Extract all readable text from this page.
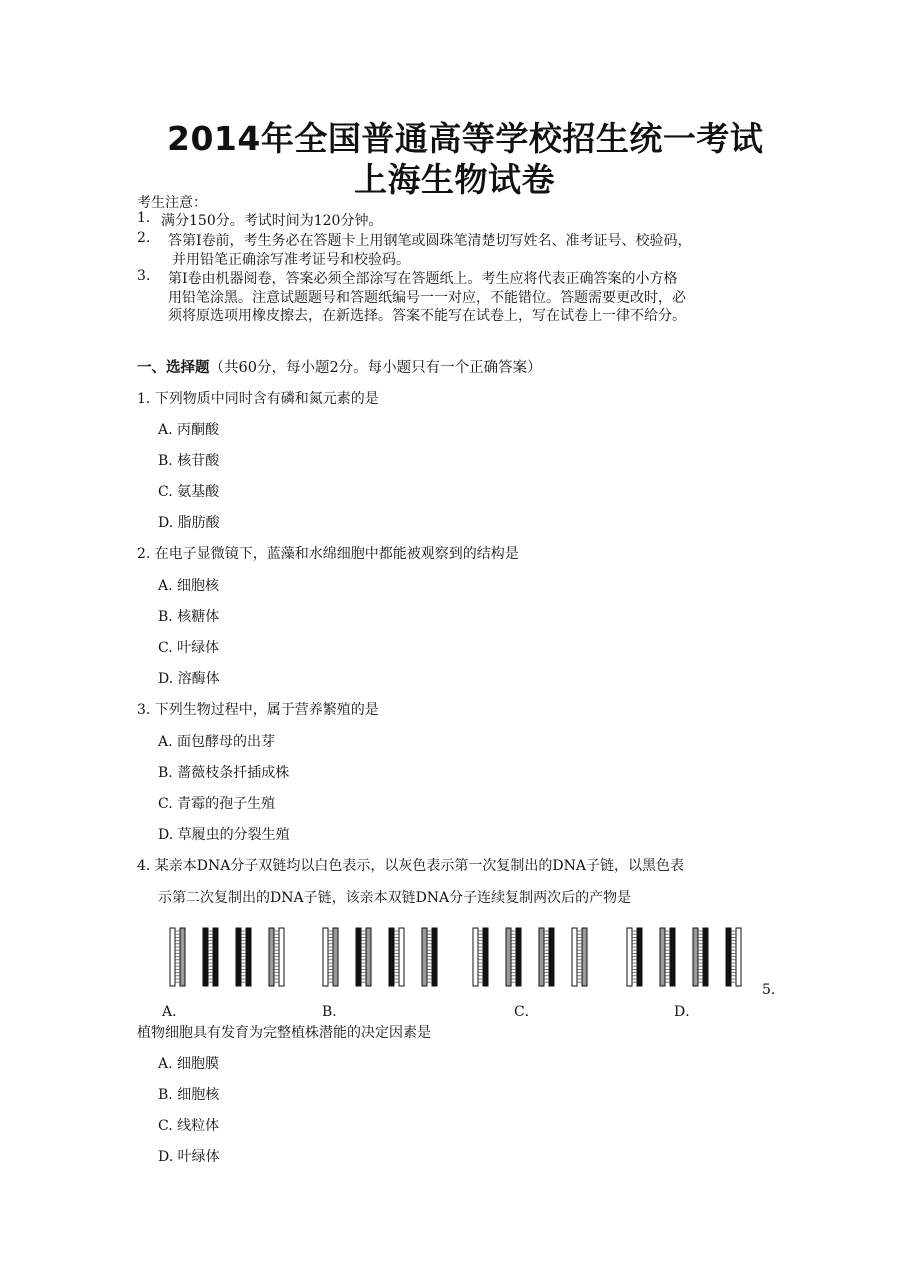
2014年全国普通高等学校招生统一考试
上海生物试卷
考生注意：
1. 满分150分。考试时间为120分钟。
2. 答第Ⅰ卷前，考生务必在答题卡上用钢笔或圆珠笔清楚切写姓名、准考证号、校验码，
并用铅笔正确涂写准考证号和校验码。
3. 第Ⅰ卷由机器阅卷，答案必须全部涂写在答题纸上。考生应将代表正确答案的小方格
用铅笔涂黑。注意试题题号和答题纸编号一一对应，不能错位。答题需要更改时，必
须将原选项用橡皮擦去，在新选择。答案不能写在试卷上，写在试卷上一律不给分。
一、选择题（共60分，每小题2分。每小题只有一个正确答案）
1. 下列物质中同时含有磷和氮元素的是
A. 丙酮酸
B. 核苷酸
C. 氨基酸
D. 脂肪酸
2. 在电子显微镜下，蓝藻和水绵细胞中都能被观察到的结构是
A. 细胞核
B. 核糖体
C. 叶绿体
D. 溶酶体
3. 下列生物过程中，属于营养繁殖的是
A. 面包酵母的出芽
B. 蔷薇枝条扦插成株
C. 青霉的孢子生殖
D. 草履虫的分裂生殖
4. 某亲本DNA分子双链均以白色表示，以灰色表示第一次复制出的DNA子链，以黑色表
示第二次复制出的DNA子链，该亲本双链DNA分子连续复制两次后的产物是
A．	B．	C．	D．
5.
植物细胞具有发育为完整植株潜能的决定因素是
A. 细胞膜
B. 细胞核
C. 线粒体
D. 叶绿体
